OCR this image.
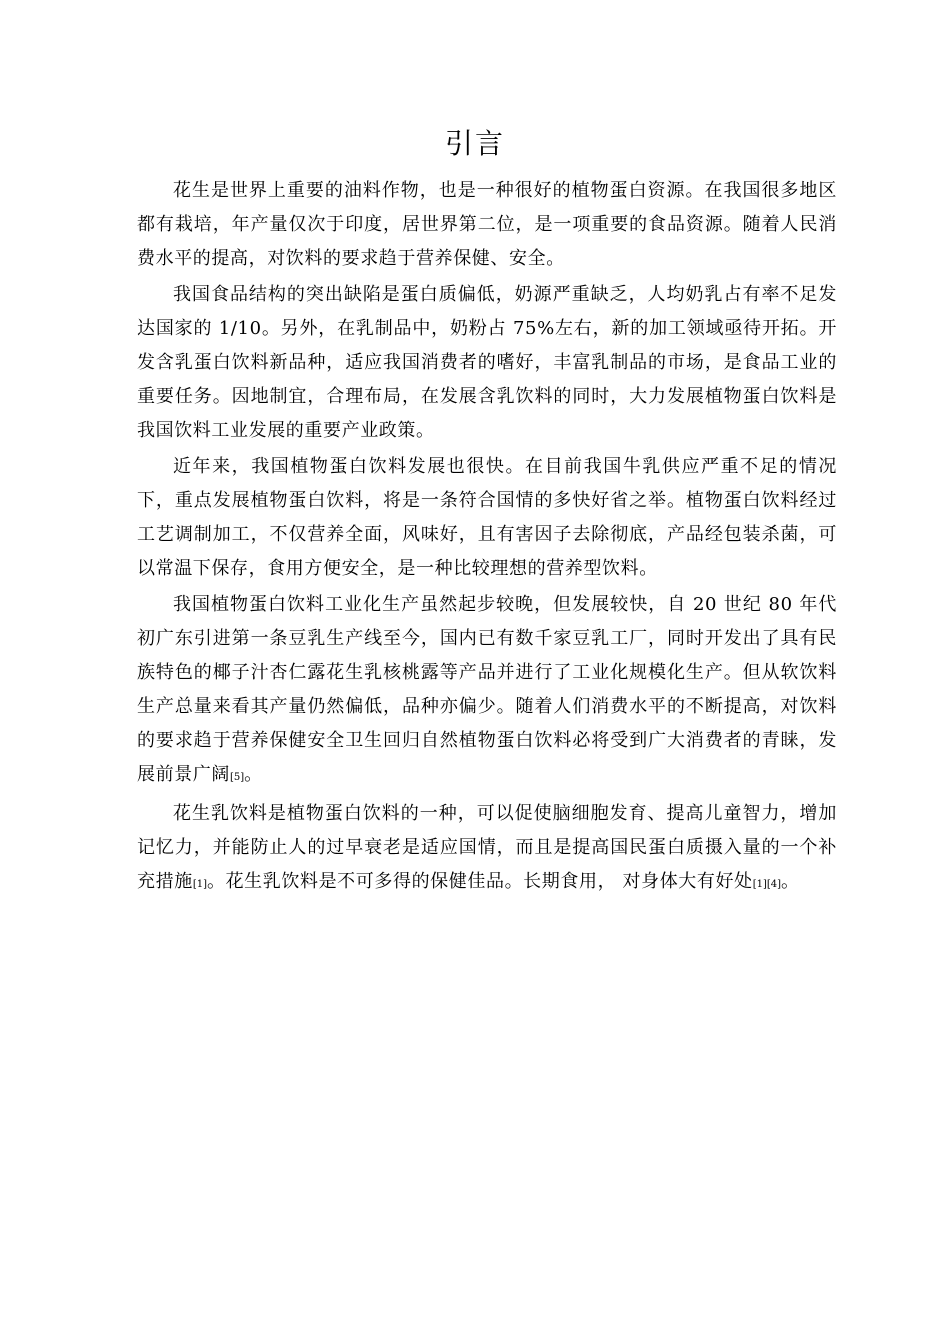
引言

花生是世界上重要的油料作物，也是一种很好的植物蛋白资源。在我国很多地区都有栽培，年产量仅次于印度，居世界第二位，是一项重要的食品资源。随着人民消费水平的提高，对饮料的要求趋于营养保健、安全。

我国食品结构的突出缺陷是蛋白质偏低，奶源严重缺乏，人均奶乳占有率不足发达国家的 1/10。另外，在乳制品中，奶粉占 75%左右，新的加工领域亟待开拓。开发含乳蛋白饮料新品种，适应我国消费者的嗜好，丰富乳制品的市场，是食品工业的重要任务。因地制宜，合理布局，在发展含乳饮料的同时，大力发展植物蛋白饮料是我国饮料工业发展的重要产业政策。

近年来，我国植物蛋白饮料发展也很快。在目前我国牛乳供应严重不足的情况下，重点发展植物蛋白饮料，将是一条符合国情的多快好省之举。植物蛋白饮料经过工艺调制加工，不仅营养全面，风味好，且有害因子去除彻底，产品经包装杀菌，可以常温下保存，食用方便安全，是一种比较理想的营养型饮料。

我国植物蛋白饮料工业化生产虽然起步较晚，但发展较快，自 20 世纪 80 年代初广东引进第一条豆乳生产线至今，国内已有数千家豆乳工厂，同时开发出了具有民族特色的椰子汁杏仁露花生乳核桃露等产品并进行了工业化规模化生产。但从软饮料生产总量来看其产量仍然偏低，品种亦偏少。随着人们消费水平的不断提高，对饮料的要求趋于营养保健安全卫生回归自然植物蛋白饮料必将受到广大消费者的青睐，发展前景广阔[5]。

花生乳饮料是植物蛋白饮料的一种，可以促使脑细胞发育、提高儿童智力，增加记忆力，并能防止人的过早衰老是适应国情，而且是提高国民蛋白质摄入量的一个补充措施[1]。花生乳饮料是不可多得的保健佳品。长期食用， 对身体大有好处[1][4]。
